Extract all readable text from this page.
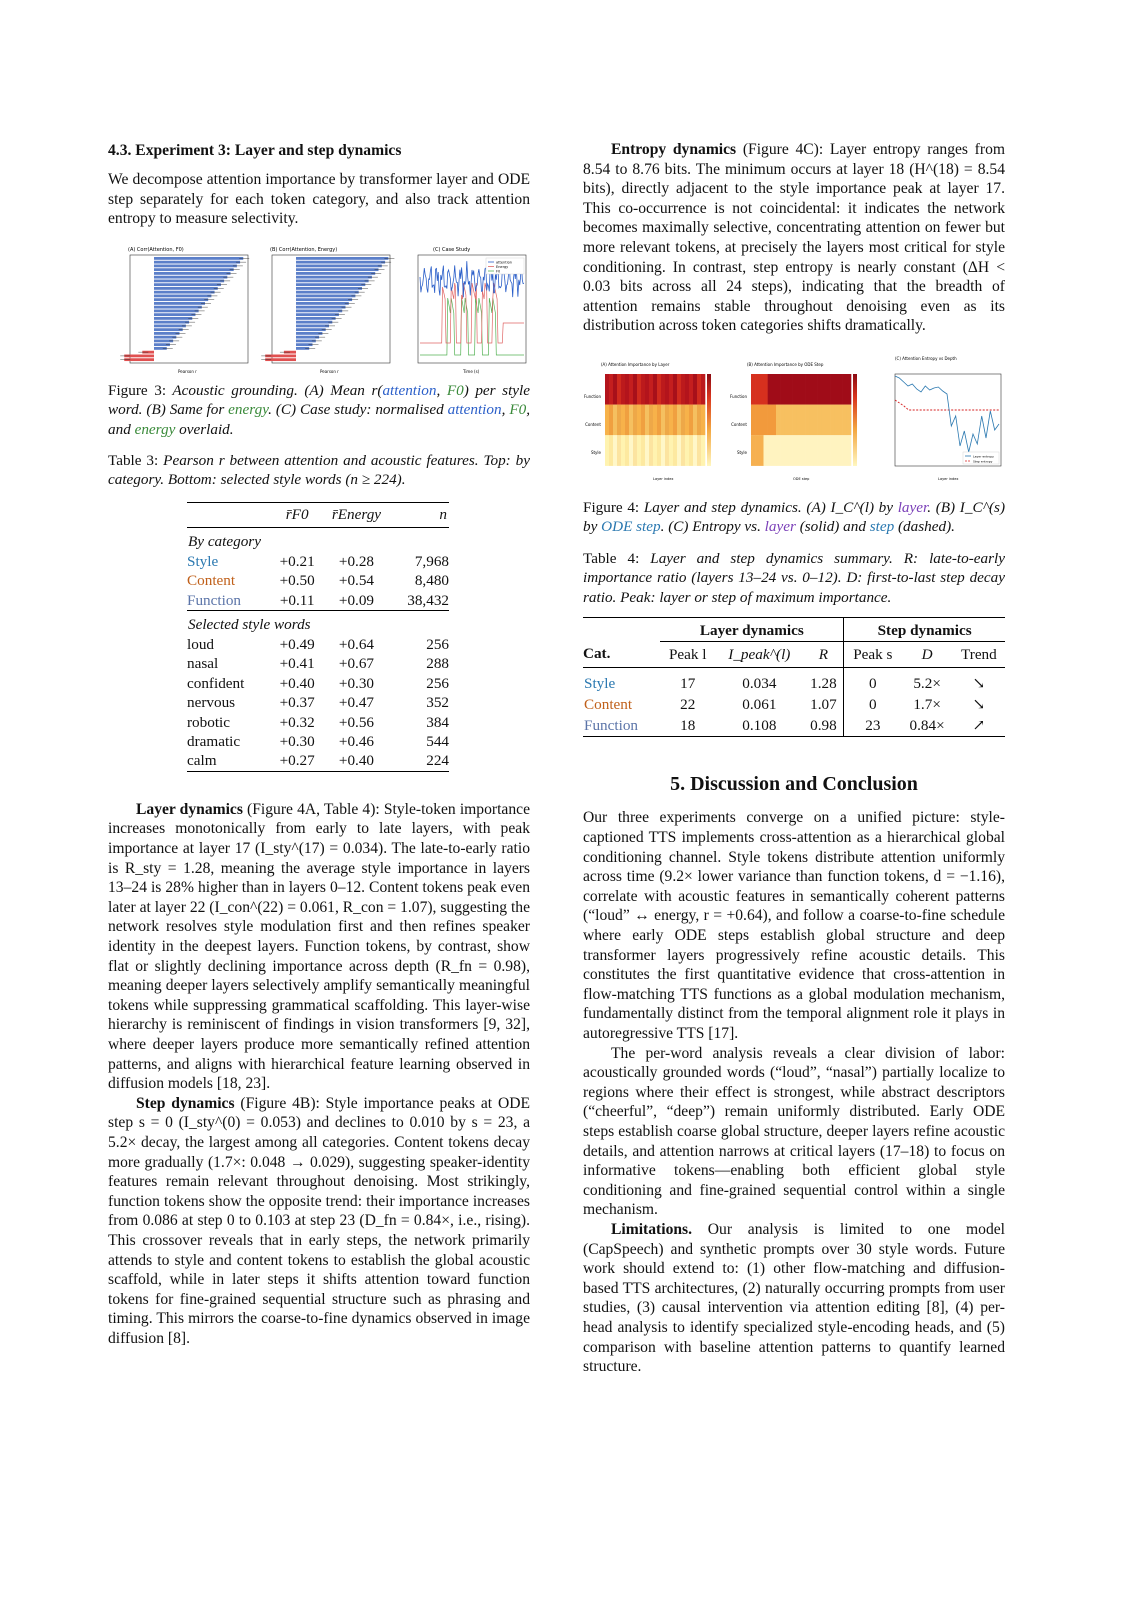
4.3. Experiment 3: Layer and step dynamics

We decompose attention importance by transformer layer and ODE step separately for each token category, and also track attention entropy to measure selectivity.

(A) Corr(Attention, F0)
Pearson r
(B) Corr(Attention, Energy)
Pearson r
(C) Case Study
Time (s)
attention
Energy
F0

Figure 3: Acoustic grounding. (A) Mean r(attention, F0) per style word. (B) Same for energy. (C) Case study: normalised attention, F0, and energy overlaid.

Table 3: Pearson r between attention and acoustic features. Top: by category. Bottom: selected style words (n ≥ 224).

	r̄F0	r̄Energy	n
By category			
Style	+0.21	+0.28	7,968
Content	+0.50	+0.54	8,480
Function	+0.11	+0.09	38,432
Selected style words			
loud	+0.49	+0.64	256
nasal	+0.41	+0.67	288
confident	+0.40	+0.30	256
nervous	+0.37	+0.47	352
robotic	+0.32	+0.56	384
dramatic	+0.30	+0.46	544
calm	+0.27	+0.40	224

Layer dynamics (Figure 4A, Table 4): Style-token importance increases monotonically from early to late layers, with peak importance at layer 17 (I_sty^(17) = 0.034). The late-to-early ratio is R_sty = 1.28, meaning the average style importance in layers 13–24 is 28% higher than in layers 0–12. Content tokens peak even later at layer 22 (I_con^(22) = 0.061, R_con = 1.07), suggesting the network resolves style modulation first and then refines speaker identity in the deepest layers. Function tokens, by contrast, show flat or slightly declining importance across depth (R_fn = 0.98), meaning deeper layers selectively amplify semantically meaningful tokens while suppressing grammatical scaffolding. This layer-wise hierarchy is reminiscent of findings in vision transformers [9, 32], where deeper layers produce more semantically refined attention patterns, and aligns with hierarchical feature learning observed in diffusion models [18, 23].

Step dynamics (Figure 4B): Style importance peaks at ODE step s = 0 (I_sty^(0) = 0.053) and declines to 0.010 by s = 23, a 5.2× decay, the largest among all categories. Content tokens decay more gradually (1.7×: 0.048 → 0.029), suggesting speaker-identity features remain relevant throughout denoising. Most strikingly, function tokens show the opposite trend: their importance increases from 0.086 at step 0 to 0.103 at step 23 (D_fn = 0.84×, i.e., rising). This crossover reveals that in early steps, the network primarily attends to style and content tokens to establish the global acoustic scaffold, while in later steps it shifts attention toward function tokens for fine-grained sequential structure such as phrasing and timing. This mirrors the coarse-to-fine dynamics observed in image diffusion [8].

Entropy dynamics (Figure 4C): Layer entropy ranges from 8.54 to 8.76 bits. The minimum occurs at layer 18 (H^(18) = 8.54 bits), directly adjacent to the style importance peak at layer 17. This co-occurrence is not coincidental: it indicates the network becomes maximally selective, concentrating attention on fewer but more relevant tokens, at precisely the layers most critical for style conditioning. In contrast, step entropy is nearly constant (ΔH < 0.03 bits across all 24 steps), indicating that the breadth of attention remains stable throughout denoising even as its distribution across token categories shifts dramatically.

(A) Attention Importance by Layer
Function
Content
Style
Layer index
(B) Attention Importance by ODE Step
Function
Content
Style
ODE step
(C) Attention Entropy vs Depth
Layer index
Layer entropy
Step entropy

Figure 4: Layer and step dynamics. (A) I_C^(l) by layer. (B) I_C^(s) by ODE step. (C) Entropy vs. layer (solid) and step (dashed).

Table 4: Layer and step dynamics summary. R: late-to-early importance ratio (layers 13–24 vs. 0–12). D: first-to-last step decay ratio. Peak: layer or step of maximum importance.

	Layer dynamics			Step dynamics		
Cat.	Peak l	I_peak^(l)	R	Peak s	D	Trend
Style	17	0.034	1.28	0	5.2×	↘
Content	22	0.061	1.07	0	1.7×	↘
Function	18	0.108	0.98	23	0.84×	↗
5. Discussion and Conclusion

Our three experiments converge on a unified picture: style-captioned TTS implements cross-attention as a hierarchical global conditioning channel. Style tokens distribute attention uniformly across time (9.2× lower variance than function tokens, d = −1.16), correlate with acoustic features in semantically coherent patterns (“loud” ↔ energy, r = +0.64), and follow a coarse-to-fine schedule where early ODE steps establish global structure and deep transformer layers progressively refine acoustic details. This constitutes the first quantitative evidence that cross-attention in flow-matching TTS functions as a global modulation mechanism, fundamentally distinct from the temporal alignment role it plays in autoregressive TTS [17].

The per-word analysis reveals a clear division of labor: acoustically grounded words (“loud”, “nasal”) partially localize to regions where their effect is strongest, while abstract descriptors (“cheerful”, “deep”) remain uniformly distributed. Early ODE steps establish coarse global structure, deeper layers refine acoustic details, and attention narrows at critical layers (17–18) to focus on informative tokens—enabling both efficient global style conditioning and fine-grained sequential control within a single mechanism.

Limitations. Our analysis is limited to one model (CapSpeech) and synthetic prompts over 30 style words. Future work should extend to: (1) other flow-matching and diffusion-based TTS architectures, (2) naturally occurring prompts from user studies, (3) causal intervention via attention editing [8], (4) per-head analysis to identify specialized style-encoding heads, and (5) comparison with baseline attention patterns to quantify learned structure.
